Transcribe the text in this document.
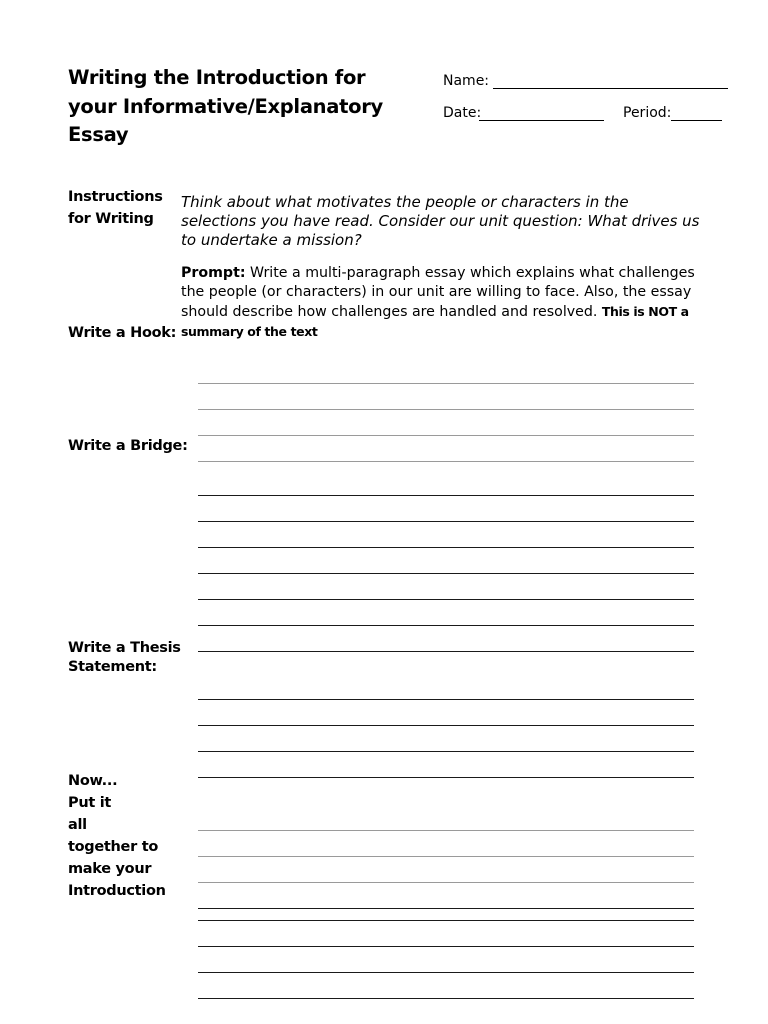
Writing the Introduction for your Informative/Explanatory Essay
Name:
Date:	Period:
Instructions for Writing
Write a Hook:
Write a Bridge:
Write a Thesis Statement:
Now...
Put it
all
together to
make your
Introduction
Think about what motivates the people or characters in the selections you have read. Consider our unit question: What drives us to undertake a mission?
Prompt: Write a multi-paragraph essay which explains what challenges the people (or characters) in our unit are willing to face. Also, the essay should describe how challenges are handled and resolved. This is NOT a summary of the text
